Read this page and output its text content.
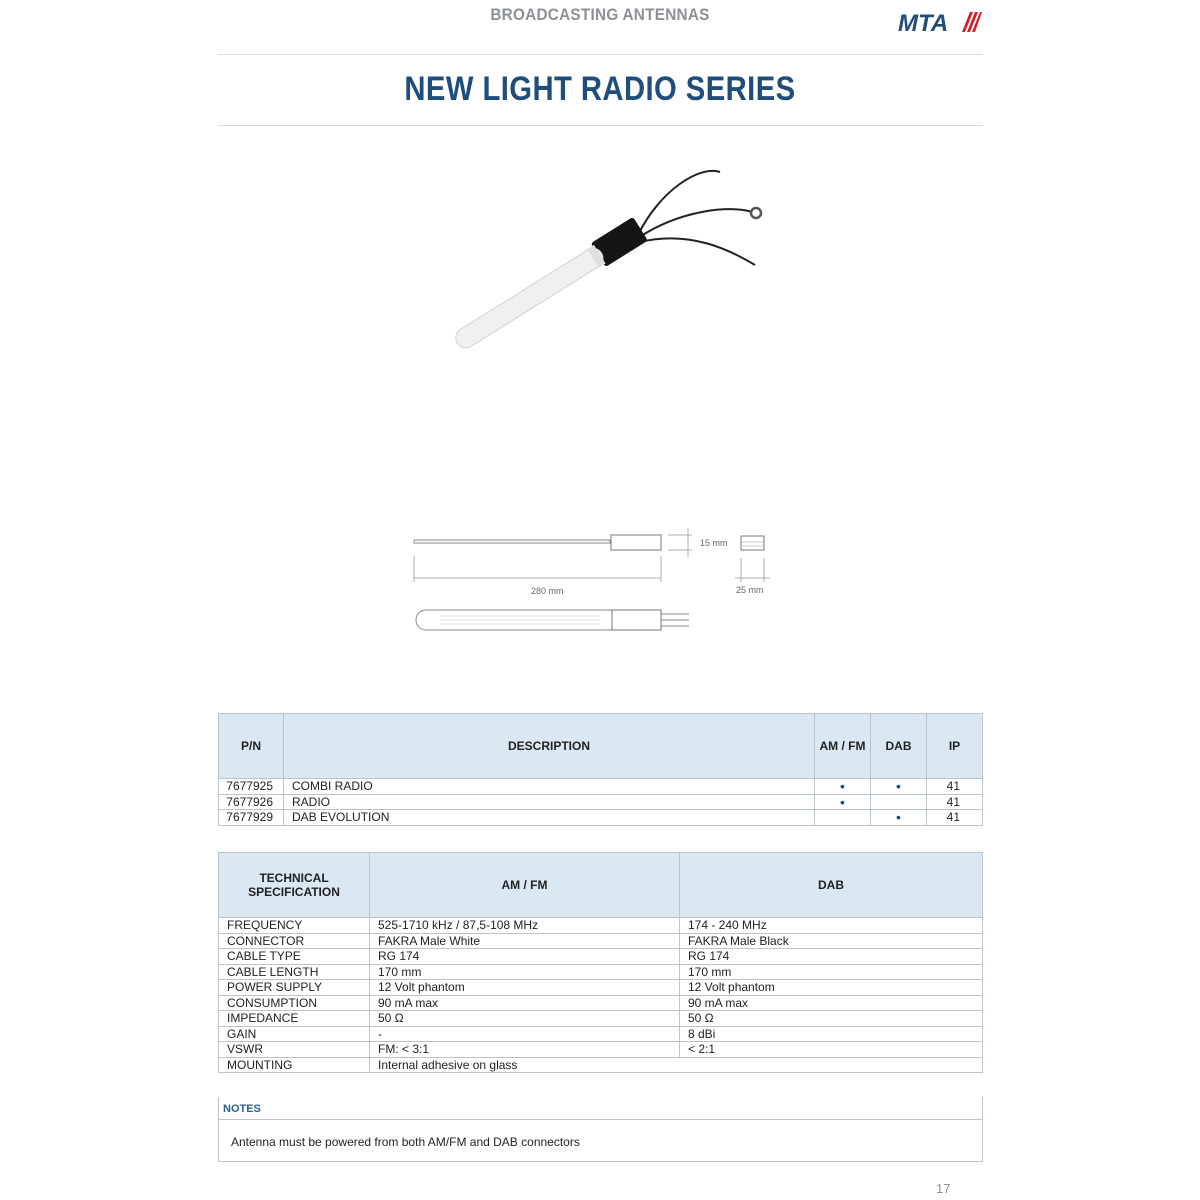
BROADCASTING ANTENNAS	MTA
NEW LIGHT RADIO SERIES
15 mm
25 mm
280 mm
P/N	DESCRIPTION	AM / FM	DAB	IP
7677925	COMBI RADIO	•	•	41
7677926	RADIO	•		41
7677929	DAB EVOLUTION		•	41
TECHNICAL
SPECIFICATION	AM / FM	DAB
FREQUENCY	525-1710 kHz / 87,5-108 MHz	174 - 240 MHz
CONNECTOR	FAKRA Male White	FAKRA Male Black
CABLE TYPE	RG 174	RG 174
CABLE LENGTH	170 mm	170 mm
POWER SUPPLY	12 Volt phantom	12 Volt phantom
CONSUMPTION	90 mA max	90 mA max
IMPEDANCE	50 Ω	50 Ω
GAIN	-	8 dBi
VSWR	FM: < 3:1	< 2:1
MOUNTING	Internal adhesive on glass	
NOTES
Antenna must be powered from both AM/FM and DAB connectors
17
